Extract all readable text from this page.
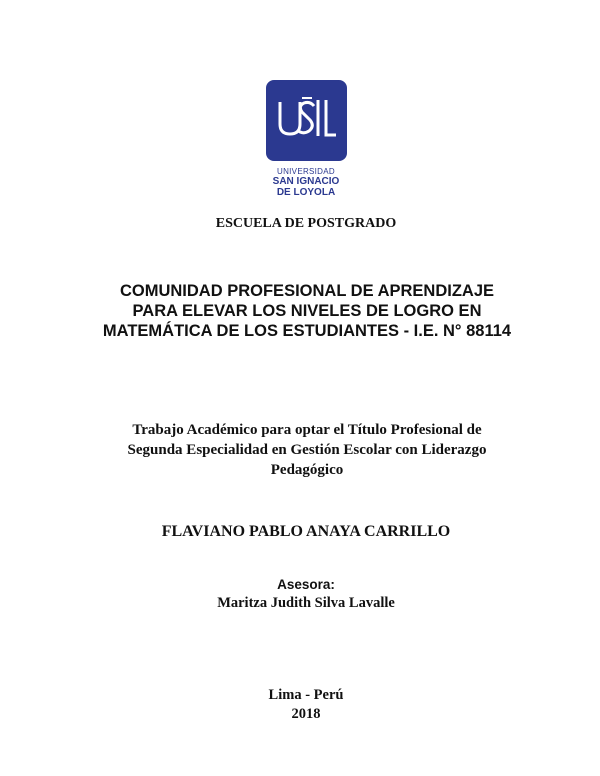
UNIVERSIDAD
SAN IGNACIO
DE LOYOLA
ESCUELA DE POSTGRADO
COMUNIDAD PROFESIONAL DE APRENDIZAJE PARA ELEVAR LOS NIVELES DE LOGRO EN MATEMÁTICA DE LOS ESTUDIANTES - I.E. N° 88114
Trabajo Académico para optar el Título Profesional de Segunda Especialidad en Gestión Escolar con Liderazgo Pedagógico
FLAVIANO PABLO ANAYA CARRILLO
Asesora:
Maritza Judith Silva Lavalle
Lima - Perú
2018
